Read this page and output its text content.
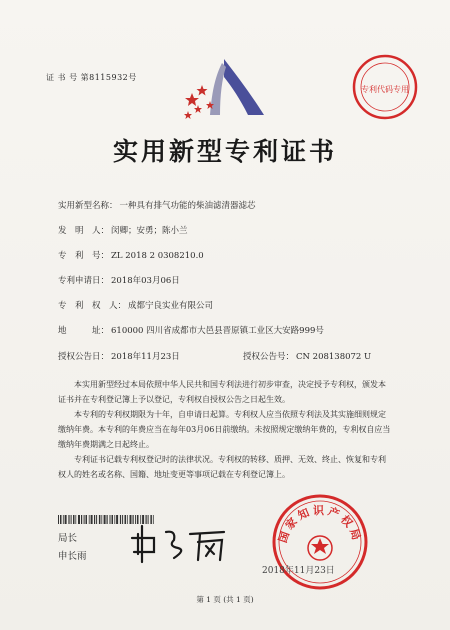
证 书 号 第8115932号
专利代码专用
实用新型专利证书
实用新型名称： 一种具有排气功能的柴油滤清器滤芯
发　明　人： 闵卿；安勇；陈小兰
专　利　号： ZL 2018 2 0308210.0
专利申请日： 2018年03月06日
专　利　权　人： 成都宁良实业有限公司
地　　　址： 610000 四川省成都市大邑县晋原镇工业区大安路999号
授权公告日： 2018年11月23日	授权公告号： CN 208138072 U

本实用新型经过本局依照中华人民共和国专利法进行初步审查，决定授予专利权，颁发本证书并在专利登记簿上予以登记，专利权自授权公告之日起生效。

本专利的专利权期限为十年，自申请日起算。专利权人应当依照专利法及其实施细则规定缴纳年费。本专利的年费应当在每年03月06日前缴纳。未按照规定缴纳年费的，专利权自应当缴纳年费期满之日起终止。

专利证书记载专利权登记时的法律状况。专利权的转移、质押、无效、终止、恢复和专利权人的姓名或名称、国籍、地址变更等事项记载在专利登记簿上。

局长
申长雨
国家知识产权局
2018年11月23日
第 1 页 (共 1 页)
